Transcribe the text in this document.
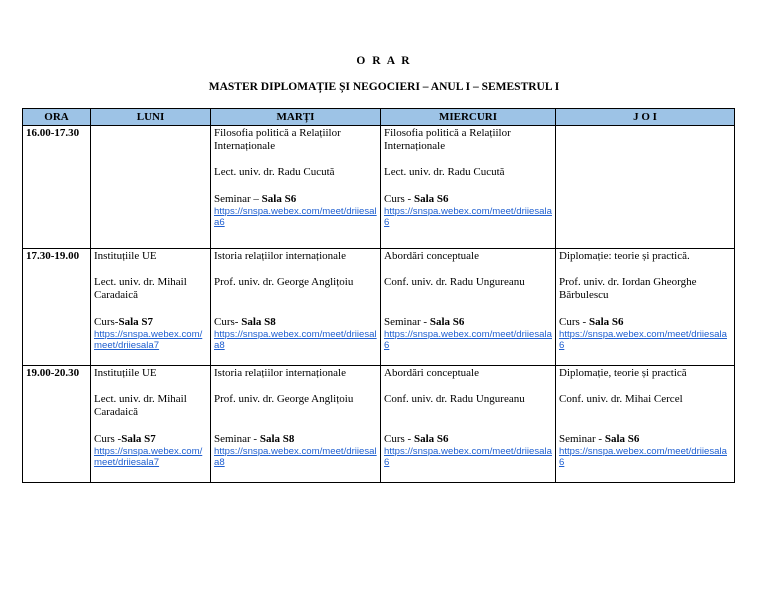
O R A R
MASTER DIPLOMAȚIE ȘI NEGOCIERI – ANUL I – SEMESTRUL I
ORA	LUNI	MARȚI	MIERCURI	J O I
16.00-17.30		Filosofia politică a Relațiilor Internaționale
Lect. univ. dr. Radu Cucută
Seminar – Sala S6
https://snspa.webex.com/meet/driiesala6	Filosofia politică a Relațiilor Internaționale
Lect. univ. dr. Radu Cucută
Curs - Sala S6
https://snspa.webex.com/meet/driiesala6	

17.30-19.00	Instituțiile UE
Lect. univ. dr. Mihail Caradaică
Curs-Sala S7
https://snspa.webex.com/meet/driiesala7	Istoria relațiilor internaționale
Prof. univ. dr. George Anglițoiu
Curs- Sala S8
https://snspa.webex.com/meet/driiesala8	Abordări conceptuale
Conf. univ. dr. Radu Ungureanu
Seminar - Sala S6
https://snspa.webex.com/meet/driiesala6	Diplomație: teorie și practică.
Prof. univ. dr. Iordan Gheorghe Bărbulescu
Curs - Sala S6
https://snspa.webex.com/meet/driiesala6

19.00-20.30	Instituțiile UE
Lect. univ. dr. Mihail Caradaică
Curs -Sala S7
https://snspa.webex.com/meet/driiesala7	Istoria relațiilor internaționale
Prof. univ. dr. George Anglițoiu
Seminar - Sala S8
https://snspa.webex.com/meet/driiesala8	Abordări conceptuale
Conf. univ. dr. Radu Ungureanu
Curs - Sala S6
https://snspa.webex.com/meet/driiesala6	Diplomație, teorie și practică
Conf. univ. dr. Mihai Cercel
Seminar - Sala S6
https://snspa.webex.com/meet/driiesala6
